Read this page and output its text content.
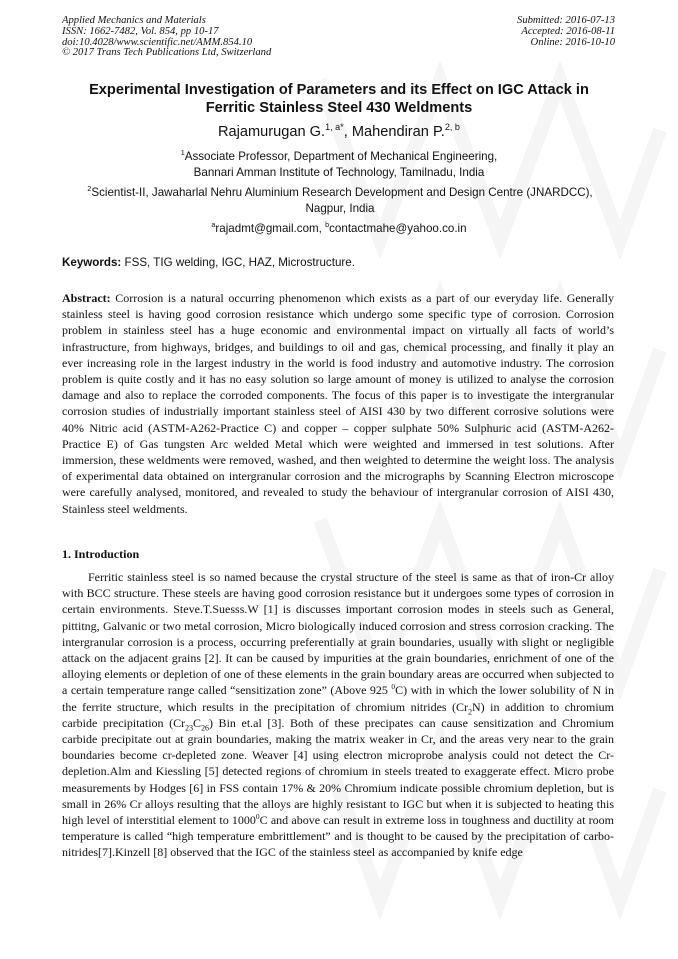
Applied Mechanics and Materials
ISSN: 1662-7482, Vol. 854, pp 10-17
doi:10.4028/www.scientific.net/AMM.854.10
© 2017 Trans Tech Publications Ltd, Switzerland
Submitted: 2016-07-13
Accepted: 2016-08-11
Online: 2016-10-10
Experimental Investigation of Parameters and its Effect on IGC Attack in
Ferritic Stainless Steel 430 Weldments
Rajamurugan G.$^{1, a*}$, Mahendiran P.$^{2, b}$
$^1$Associate Professor, Department of Mechanical Engineering,
Bannari Amman Institute of Technology, Tamilnadu, India
$^2$Scientist-II, Jawaharlal Nehru Aluminium Research Development and Design Centre (JNARDCC),
Nagpur, India
$^a$rajadmt@gmail.com, $^b$contactmahe@yahoo.co.in
Keywords: FSS, TIG welding, IGC, HAZ, Microstructure.
Abstract: Corrosion is a natural occurring phenomenon which exists as a part of our everyday life. Generally stainless steel is having good corrosion resistance which undergo some specific type of corrosion. Corrosion problem in stainless steel has a huge economic and environmental impact on virtually all facts of world’s infrastructure, from highways, bridges, and buildings to oil and gas, chemical processing, and finally it play an ever increasing role in the largest industry in the world is food industry and automotive industry. The corrosion problem is quite costly and it has no easy solution so large amount of money is utilized to analyse the corrosion damage and also to replace the corroded components. The focus of this paper is to investigate the intergranular corrosion studies of industrially important stainless steel of AISI 430 by two different corrosive solutions were 40% Nitric acid (ASTM-A262-Practice C) and copper – copper sulphate 50% Sulphuric acid (ASTM-A262-Practice E) of Gas tungsten Arc welded Metal which were weighted and immersed in test solutions. After immersion, these weldments were removed, washed, and then weighted to determine the weight loss. The analysis of experimental data obtained on intergranular corrosion and the micrographs by Scanning Electron microscope were carefully analysed, monitored, and revealed to study the behaviour of intergranular corrosion of AISI 430, Stainless steel weldments.
1. Introduction
Ferritic stainless steel is so named because the crystal structure of the steel is same as that of iron-Cr alloy with BCC structure. These steels are having good corrosion resistance but it undergoes some types of corrosion in certain environments. Steve.T.Suesss.W [1] is discusses important corrosion modes in steels such as General, pittitng, Galvanic or two metal corrosion, Micro biologically induced corrosion and stress corrosion cracking. The intergranular corrosion is a process, occurring preferentially at grain boundaries, usually with slight or negligible attack on the adjacent grains [2]. It can be caused by impurities at the grain boundaries, enrichment of one of the alloying elements or depletion of one of these elements in the grain boundary areas are occurred when subjected to a certain temperature range called “sensitization zone” (Above 925 $^0$C) with in which the lower solubility of N in the ferrite structure, which results in the precipitation of chromium nitrides $(Cr_2N)$ in addition to chromium carbide precipitation $(Cr_{23}C_{26})$ Bin et.al [3]. Both of these precipates can cause sensitization and Chromium carbide precipitate out at grain boundaries, making the matrix weaker in Cr, and the areas very near to the grain boundaries become cr-depleted zone. Weaver [4] using electron microprobe analysis could not detect the Cr-depletion.Alm and Kiessling [5] detected regions of chromium in steels treated to exaggerate effect. Micro probe measurements by Hodges [6] in FSS contain 17% & 20% Chromium indicate possible chromium depletion, but is small in 26% Cr alloys resulting that the alloys are highly resistant to IGC but when it is subjected to heating this high level of interstitial element to 1000$^0$C and above can result in extreme loss in toughness and ductility at room temperature is called “high temperature embrittlement” and is thought to be caused by the precipitation of carbo-nitrides[7].Kinzell [8] observed that the IGC of the stainless steel as accompanied by knife edge
